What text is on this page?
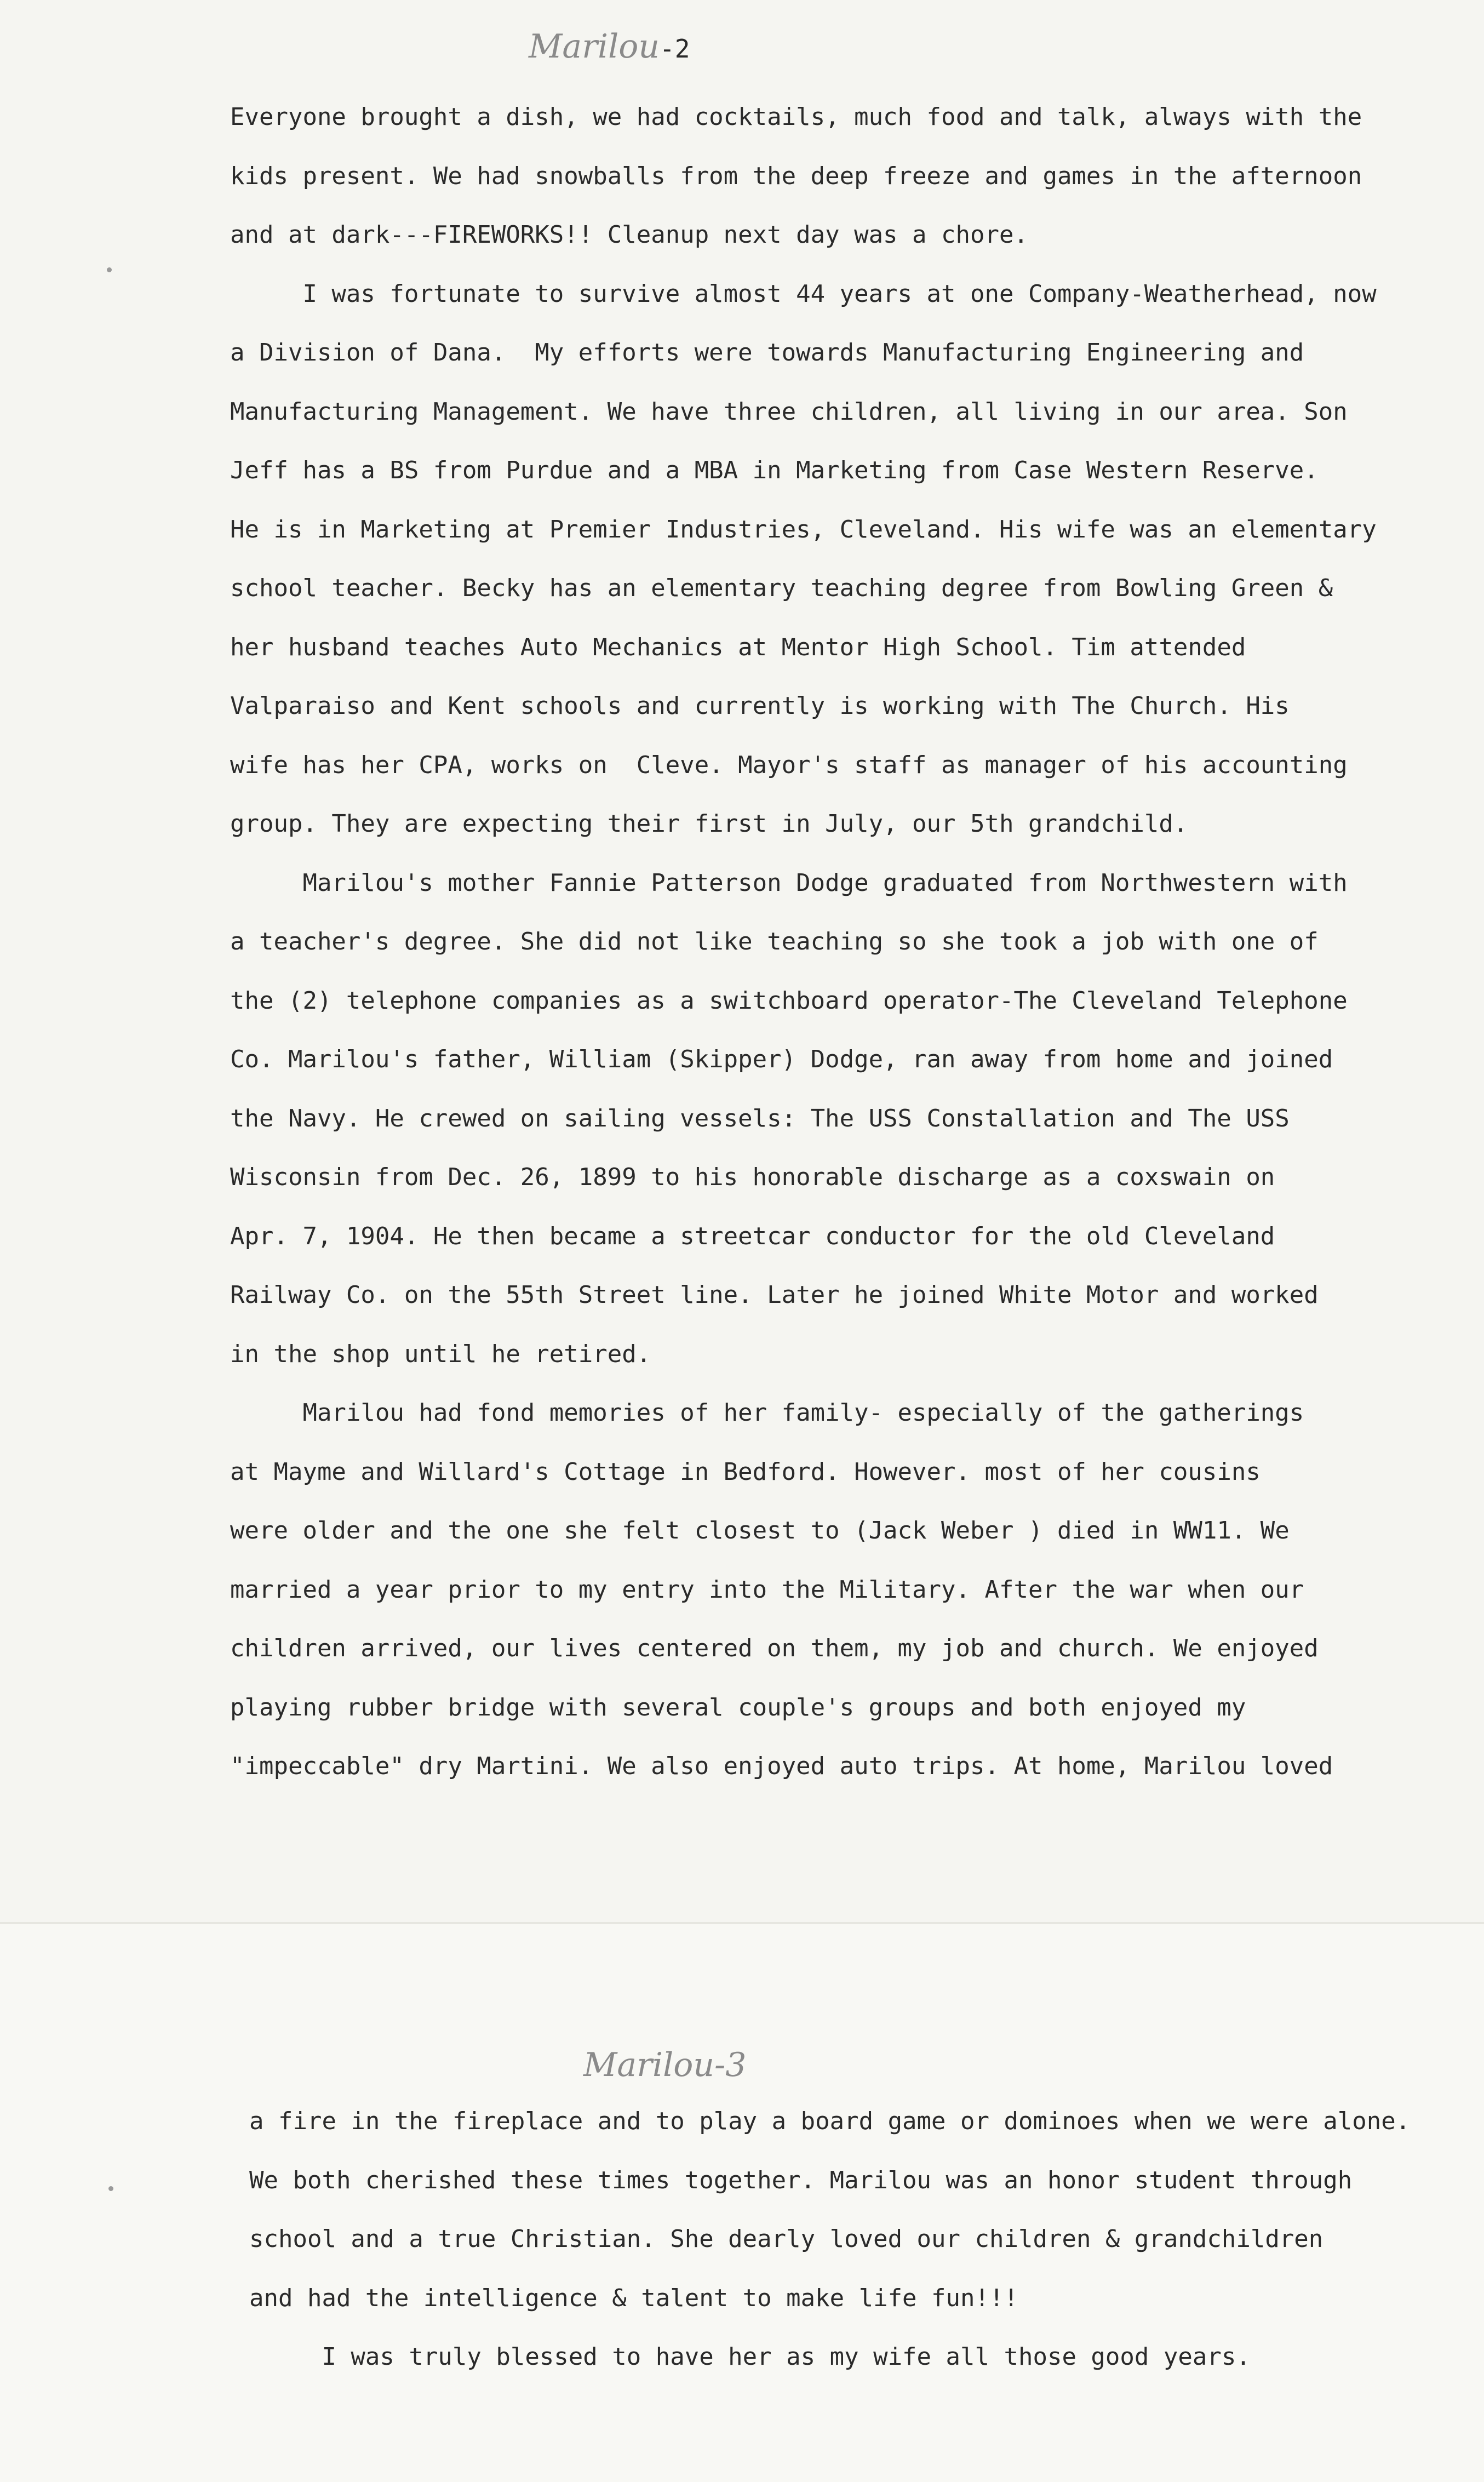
Marilou-2
Everyone brought a dish, we had cocktails, much food and talk, always with the
kids present. We had snowballs from the deep freeze and games in the afternoon
and at dark---FIREWORKS!! Cleanup next day was a chore.
I was fortunate to survive almost 44 years at one Company-Weatherhead, now
a Division of Dana.  My efforts were towards Manufacturing Engineering and
Manufacturing Management. We have three children, all living in our area. Son
Jeff has a BS from Purdue and a MBA in Marketing from Case Western Reserve.
He is in Marketing at Premier Industries, Cleveland. His wife was an elementary
school teacher. Becky has an elementary teaching degree from Bowling Green &
her husband teaches Auto Mechanics at Mentor High School. Tim attended
Valparaiso and Kent schools and currently is working with The Church. His
wife has her CPA, works on  Cleve. Mayor's staff as manager of his accounting
group. They are expecting their first in July, our 5th grandchild.
Marilou's mother Fannie Patterson Dodge graduated from Northwestern with
a teacher's degree. She did not like teaching so she took a job with one of
the (2) telephone companies as a switchboard operator-The Cleveland Telephone
Co. Marilou's father, William (Skipper) Dodge, ran away from home and joined
the Navy. He crewed on sailing vessels: The USS Constallation and The USS
Wisconsin from Dec. 26, 1899 to his honorable discharge as a coxswain on
Apr. 7, 1904. He then became a streetcar conductor for the old Cleveland
Railway Co. on the 55th Street line. Later he joined White Motor and worked
in the shop until he retired.
Marilou had fond memories of her family- especially of the gatherings
at Mayme and Willard's Cottage in Bedford. However. most of her cousins
were older and the one she felt closest to (Jack Weber ) died in WW11. We
married a year prior to my entry into the Military. After the war when our
children arrived, our lives centered on them, my job and church. We enjoyed
playing rubber bridge with several couple's groups and both enjoyed my
"impeccable" dry Martini. We also enjoyed auto trips. At home, Marilou loved
Marilou-3
a fire in the fireplace and to play a board game or dominoes when we were alone.
We both cherished these times together. Marilou was an honor student through
school and a true Christian. She dearly loved our children & grandchildren
and had the intelligence & talent to make life fun!!!
I was truly blessed to have her as my wife all those good years.
